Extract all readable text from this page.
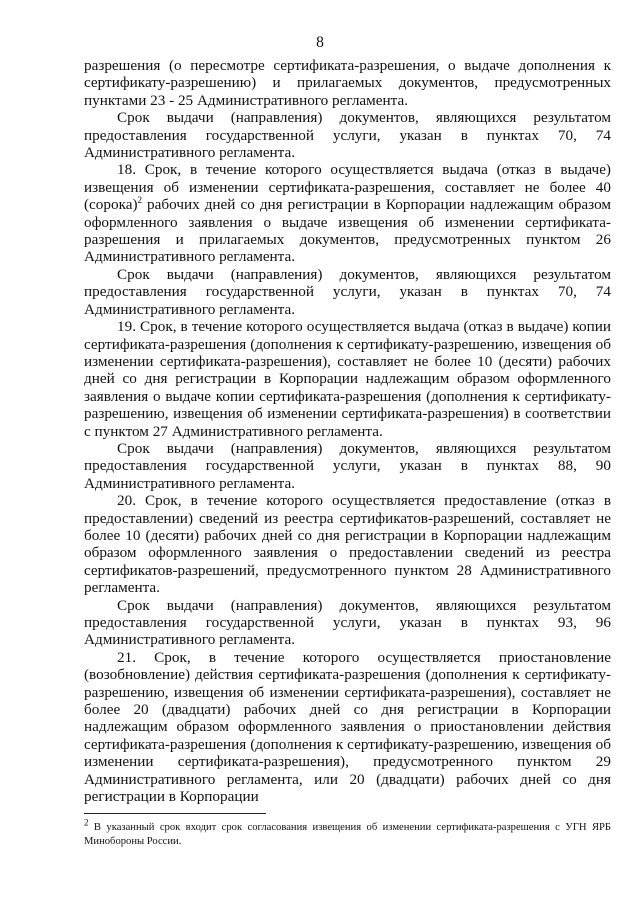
8

разрешения (о пересмотре сертификата-разрешения, о выдаче дополнения к сертификату-разрешению) и прилагаемых документов, предусмотренных пунктами 23 - 25 Административного регламента.

Срок выдачи (направления) документов, являющихся результатом предоставления государственной услуги, указан в пунктах 70, 74 Административного регламента.

18. Срок, в течение которого осуществляется выдача (отказ в выдаче) извещения об изменении сертификата-разрешения, составляет не более 40 (сорока)$^2$ рабочих дней со дня регистрации в Корпорации надлежащим образом оформленного заявления о выдаче извещения об изменении сертификата-разрешения и прилагаемых документов, предусмотренных пунктом 26 Административного регламента.

Срок выдачи (направления) документов, являющихся результатом предоставления государственной услуги, указан в пунктах 70, 74 Административного регламента.

19. Срок, в течение которого осуществляется выдача (отказ в выдаче) копии сертификата-разрешения (дополнения к сертификату-разрешению, извещения об изменении сертификата-разрешения), составляет не более 10 (десяти) рабочих дней со дня регистрации в Корпорации надлежащим образом оформленного заявления о выдаче копии сертификата-разрешения (дополнения к сертификату-разрешению, извещения об изменении сертификата-разрешения) в соответствии с пунктом 27 Административного регламента.

Срок выдачи (направления) документов, являющихся результатом предоставления государственной услуги, указан в пунктах 88, 90 Административного регламента.

20. Срок, в течение которого осуществляется предоставление (отказ в предоставлении) сведений из реестра сертификатов-разрешений, составляет не более 10 (десяти) рабочих дней со дня регистрации в Корпорации надлежащим образом оформленного заявления о предоставлении сведений из реестра сертификатов-разрешений, предусмотренного пунктом 28 Административного регламента.

Срок выдачи (направления) документов, являющихся результатом предоставления государственной услуги, указан в пунктах 93, 96 Административного регламента.

21. Срок, в течение которого осуществляется приостановление (возобновление) действия сертификата-разрешения (дополнения к сертификату-разрешению, извещения об изменении сертификата-разрешения), составляет не более 20 (двадцати) рабочих дней со дня регистрации в Корпорации надлежащим образом оформленного заявления о приостановлении действия сертификата-разрешения (дополнения к сертификату-разрешению, извещения об изменении сертификата-разрешения), предусмотренного пунктом 29 Административного регламента, или 20 (двадцати) рабочих дней со дня регистрации в Корпорации

$^2$ В указанный срок входит срок согласования извещения об изменении сертификата-разрешения с УГН ЯРБ Минобороны России.
